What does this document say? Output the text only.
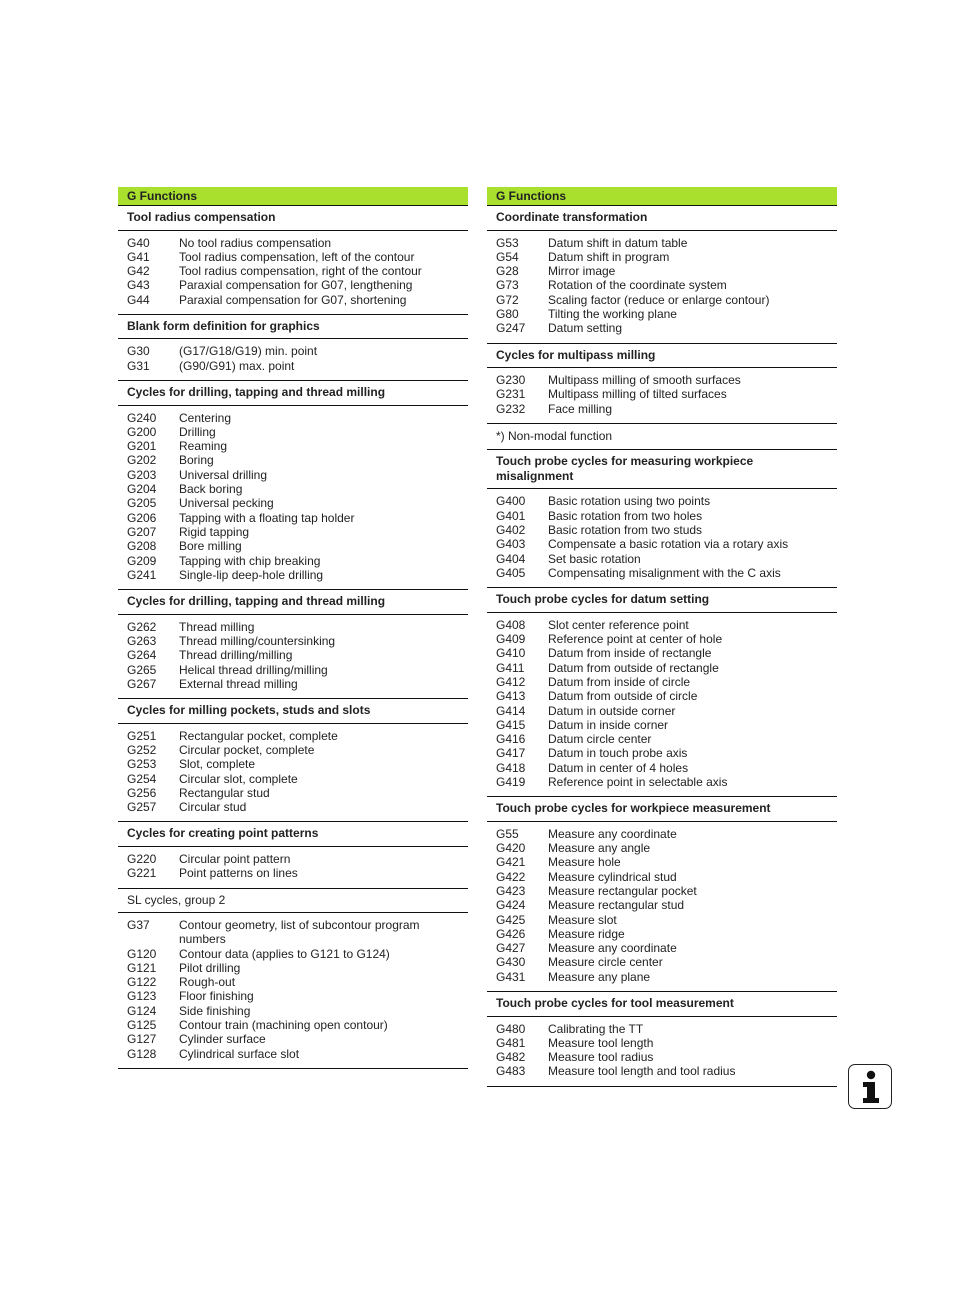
G Functions
Tool radius compensation
G40	No tool radius compensation
G41	Tool radius compensation, left of the contour
G42	Tool radius compensation, right of the contour
G43	Paraxial compensation for G07, lengthening
G44	Paraxial compensation for G07, shortening
Blank form definition for graphics
G30	(G17/G18/G19) min. point
G31	(G90/G91) max. point
Cycles for drilling, tapping and thread milling
G240	Centering
G200	Drilling
G201	Reaming
G202	Boring
G203	Universal drilling
G204	Back boring
G205	Universal pecking
G206	Tapping with a floating tap holder
G207	Rigid tapping
G208	Bore milling
G209	Tapping with chip breaking
G241	Single-lip deep-hole drilling
Cycles for drilling, tapping and thread milling
G262	Thread milling
G263	Thread milling/countersinking
G264	Thread drilling/milling
G265	Helical thread drilling/milling
G267	External thread milling
Cycles for milling pockets, studs and slots
G251	Rectangular pocket, complete
G252	Circular pocket, complete
G253	Slot, complete
G254	Circular slot, complete
G256	Rectangular stud
G257	Circular stud
Cycles for creating point patterns
G220	Circular point pattern
G221	Point patterns on lines
SL cycles, group 2
G37	Contour geometry, list of subcontour program numbers
G120	Contour data (applies to G121 to G124)
G121	Pilot drilling
G122	Rough-out
G123	Floor finishing
G124	Side finishing
G125	Contour train (machining open contour)
G127	Cylinder surface
G128	Cylindrical surface slot
G Functions
Coordinate transformation
G53	Datum shift in datum table
G54	Datum shift in program
G28	Mirror image
G73	Rotation of the coordinate system
G72	Scaling factor (reduce or enlarge contour)
G80	Tilting the working plane
G247	Datum setting
Cycles for multipass milling
G230	Multipass milling of smooth surfaces
G231	Multipass milling of tilted surfaces
G232	Face milling
*) Non-modal function
Touch probe cycles for measuring workpiece misalignment
G400	Basic rotation using two points
G401	Basic rotation from two holes
G402	Basic rotation from two studs
G403	Compensate a basic rotation via a rotary axis
G404	Set basic rotation
G405	Compensating misalignment with the C axis
Touch probe cycles for datum setting
G408	Slot center reference point
G409	Reference point at center of hole
G410	Datum from inside of rectangle
G411	Datum from outside of rectangle
G412	Datum from inside of circle
G413	Datum from outside of circle
G414	Datum in outside corner
G415	Datum in inside corner
G416	Datum circle center
G417	Datum in touch probe axis
G418	Datum in center of 4 holes
G419	Reference point in selectable axis
Touch probe cycles for workpiece measurement
G55	Measure any coordinate
G420	Measure any angle
G421	Measure hole
G422	Measure cylindrical stud
G423	Measure rectangular pocket
G424	Measure rectangular stud
G425	Measure slot
G426	Measure ridge
G427	Measure any coordinate
G430	Measure circle center
G431	Measure any plane
Touch probe cycles for tool measurement
G480	Calibrating the TT
G481	Measure tool length
G482	Measure tool radius
G483	Measure tool length and tool radius
